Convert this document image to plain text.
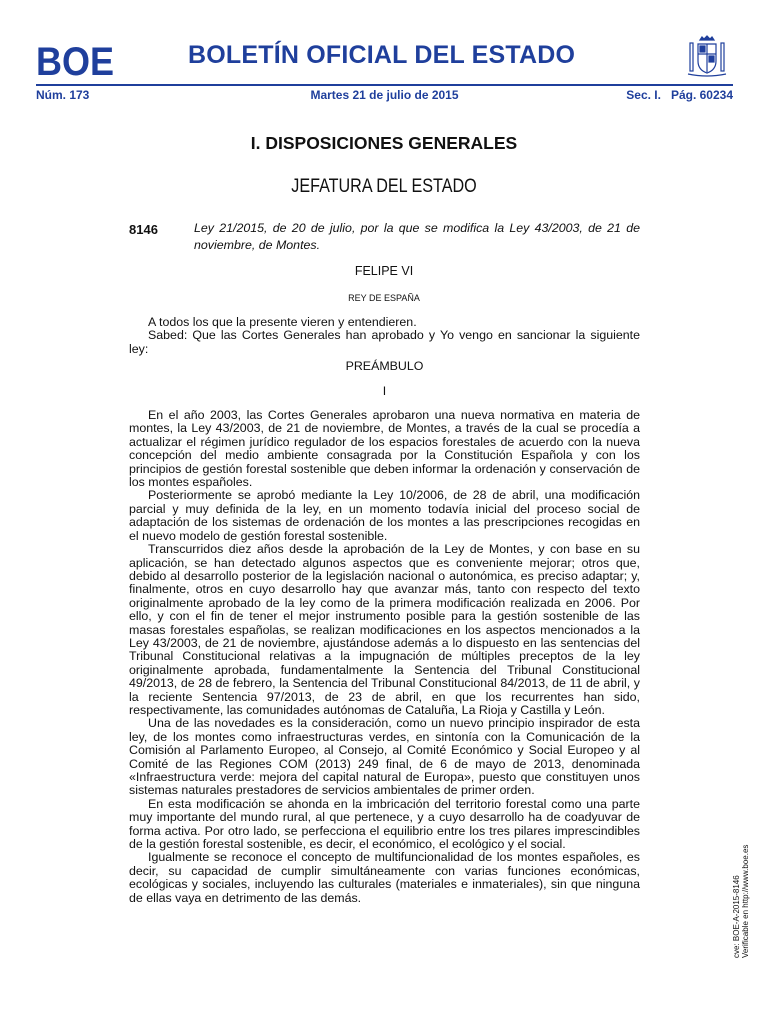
BOE	BOLETÍN OFICIAL DEL ESTADO
Núm. 173	Martes 21 de julio de 2015	Sec. I.   Pág. 60234
I. DISPOSICIONES GENERALES
JEFATURA DEL ESTADO
8146	Ley 21/2015, de 20 de julio, por la que se modifica la Ley 43/2003, de 21 de noviembre, de Montes.
FELIPE VI
REY DE ESPAÑA

A todos los que la presente vieren y entendieren.

Sabed: Que las Cortes Generales han aprobado y Yo vengo en sancionar la siguiente ley:

PREÁMBULO

I

En el año 2003, las Cortes Generales aprobaron una nueva normativa en materia de montes, la Ley 43/2003, de 21 de noviembre, de Montes, a través de la cual se procedía a actualizar el régimen jurídico regulador de los espacios forestales de acuerdo con la nueva concepción del medio ambiente consagrada por la Constitución Española y con los principios de gestión forestal sostenible que deben informar la ordenación y conservación de los montes españoles.

Posteriormente se aprobó mediante la Ley 10/2006, de 28 de abril, una modificación parcial y muy definida de la ley, en un momento todavía inicial del proceso social de adaptación de los sistemas de ordenación de los montes a las prescripciones recogidas en el nuevo modelo de gestión forestal sostenible.

Transcurridos diez años desde la aprobación de la Ley de Montes, y con base en su aplicación, se han detectado algunos aspectos que es conveniente mejorar; otros que, debido al desarrollo posterior de la legislación nacional o autonómica, es preciso adaptar; y, finalmente, otros en cuyo desarrollo hay que avanzar más, tanto con respecto del texto originalmente aprobado de la ley como de la primera modificación realizada en 2006. Por ello, y con el fin de tener el mejor instrumento posible para la gestión sostenible de las masas forestales españolas, se realizan modificaciones en los aspectos mencionados a la Ley 43/2003, de 21 de noviembre, ajustándose además a lo dispuesto en las sentencias del Tribunal Constitucional relativas a la impugnación de múltiples preceptos de la ley originalmente aprobada, fundamentalmente la Sentencia del Tribunal Constitucional 49/2013, de 28 de febrero, la Sentencia del Tribunal Constitucional 84/2013, de 11 de abril, y la reciente Sentencia 97/2013, de 23 de abril, en que los recurrentes han sido, respectivamente, las comunidades autónomas de Cataluña, La Rioja y Castilla y León.

Una de las novedades es la consideración, como un nuevo principio inspirador de esta ley, de los montes como infraestructuras verdes, en sintonía con la Comunicación de la Comisión al Parlamento Europeo, al Consejo, al Comité Económico y Social Europeo y al Comité de las Regiones COM (2013) 249 final, de 6 de mayo de 2013, denominada «Infraestructura verde: mejora del capital natural de Europa», puesto que constituyen unos sistemas naturales prestadores de servicios ambientales de primer orden.

En esta modificación se ahonda en la imbricación del territorio forestal como una parte muy importante del mundo rural, al que pertenece, y a cuyo desarrollo ha de coadyuvar de forma activa. Por otro lado, se perfecciona el equilibrio entre los tres pilares imprescindibles de la gestión forestal sostenible, es decir, el económico, el ecológico y el social.

Igualmente se reconoce el concepto de multifuncionalidad de los montes españoles, es decir, su capacidad de cumplir simultáneamente con varias funciones económicas, ecológicas y sociales, incluyendo las culturales (materiales e inmateriales), sin que ninguna de ellas vaya en detrimento de las demás.	cve: BOE-A-2015-8146 Verificable en http://www.boe.es
